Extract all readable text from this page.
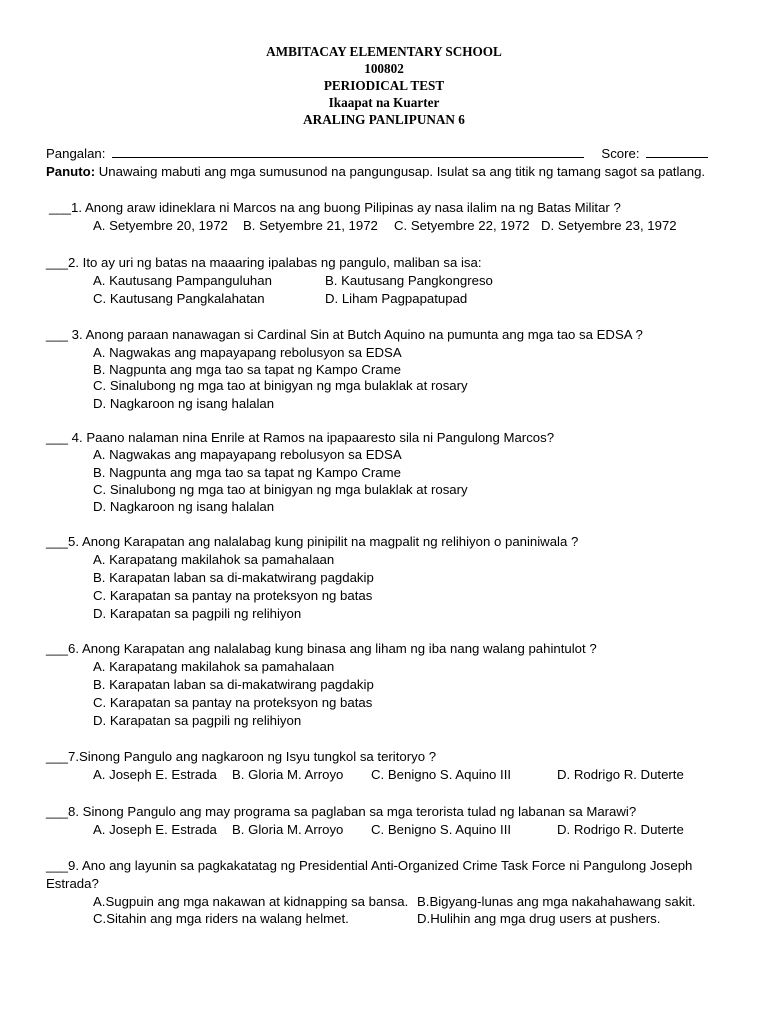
AMBITACAY ELEMENTARY SCHOOL
100802
PERIODICAL TEST
Ikaapat na Kuarter
ARALING PANLIPUNAN 6
Pangalan:	Score:
Panuto: Unawaing mabuti ang mga sumusunod na pangungusap. Isulat sa ang titik ng tamang sagot sa patlang.
___1. Anong araw idineklara ni Marcos na ang buong Pilipinas ay nasa ilalim na ng Batas Militar ?
A. Setyembre 20, 1972 B. Setyembre 21, 1972 C. Setyembre 22, 1972 D. Setyembre 23, 1972
___2. Ito ay uri ng batas na maaaring ipalabas ng pangulo, maliban sa isa:
A. Kautusang Pampanguluhan	B. Kautusang Pangkongreso
C. Kautusang Pangkalahatan	D. Liham Pagpapatupad
___ 3. Anong paraan nanawagan si Cardinal Sin at Butch Aquino na pumunta ang mga tao sa EDSA ?
A. Nagwakas ang mapayapang rebolusyon sa EDSA
B. Nagpunta ang mga tao sa tapat ng Kampo Crame
C. Sinalubong ng mga tao at binigyan ng mga bulaklak at rosary
D. Nagkaroon ng isang halalan
___ 4. Paano nalaman nina Enrile at Ramos na ipapaaresto sila ni Pangulong Marcos?
A. Nagwakas ang mapayapang rebolusyon sa EDSA
B. Nagpunta ang mga tao sa tapat ng Kampo Crame
C. Sinalubong ng mga tao at binigyan ng mga bulaklak at rosary
D. Nagkaroon ng isang halalan
___5. Anong Karapatan ang nalalabag kung pinipilit na magpalit ng relihiyon o paniniwala ?
A. Karapatang makilahok sa pamahalaan
B. Karapatan laban sa di-makatwirang pagdakip
C. Karapatan sa pantay na proteksyon ng batas
D. Karapatan sa pagpili ng relihiyon
___6. Anong Karapatan ang nalalabag kung binasa ang liham ng iba nang walang pahintulot ?
A. Karapatang makilahok sa pamahalaan
B. Karapatan laban sa di-makatwirang pagdakip
C. Karapatan sa pantay na proteksyon ng batas
D. Karapatan sa pagpili ng relihiyon
___7.Sinong Pangulo ang nagkaroon ng Isyu tungkol sa teritoryo ?
A. Joseph E. Estrada B. Gloria M. Arroyo C. Benigno S. Aquino III	D. Rodrigo R. Duterte
___8. Sinong Pangulo ang may programa sa paglaban sa mga terorista tulad ng labanan sa Marawi?
A. Joseph E. Estrada B. Gloria M. Arroyo C. Benigno S. Aquino III	D. Rodrigo R. Duterte
___9. Ano ang layunin sa pagkakatatag ng Presidential Anti-Organized Crime Task Force ni Pangulong Joseph
Estrada?
A.Sugpuin ang mga nakawan at kidnapping sa bansa. B.Bigyang-lunas ang mga nakahahawang sakit.
C.Sitahin ang mga riders na walang helmet.	D.Hulihin ang mga drug users at pushers.
